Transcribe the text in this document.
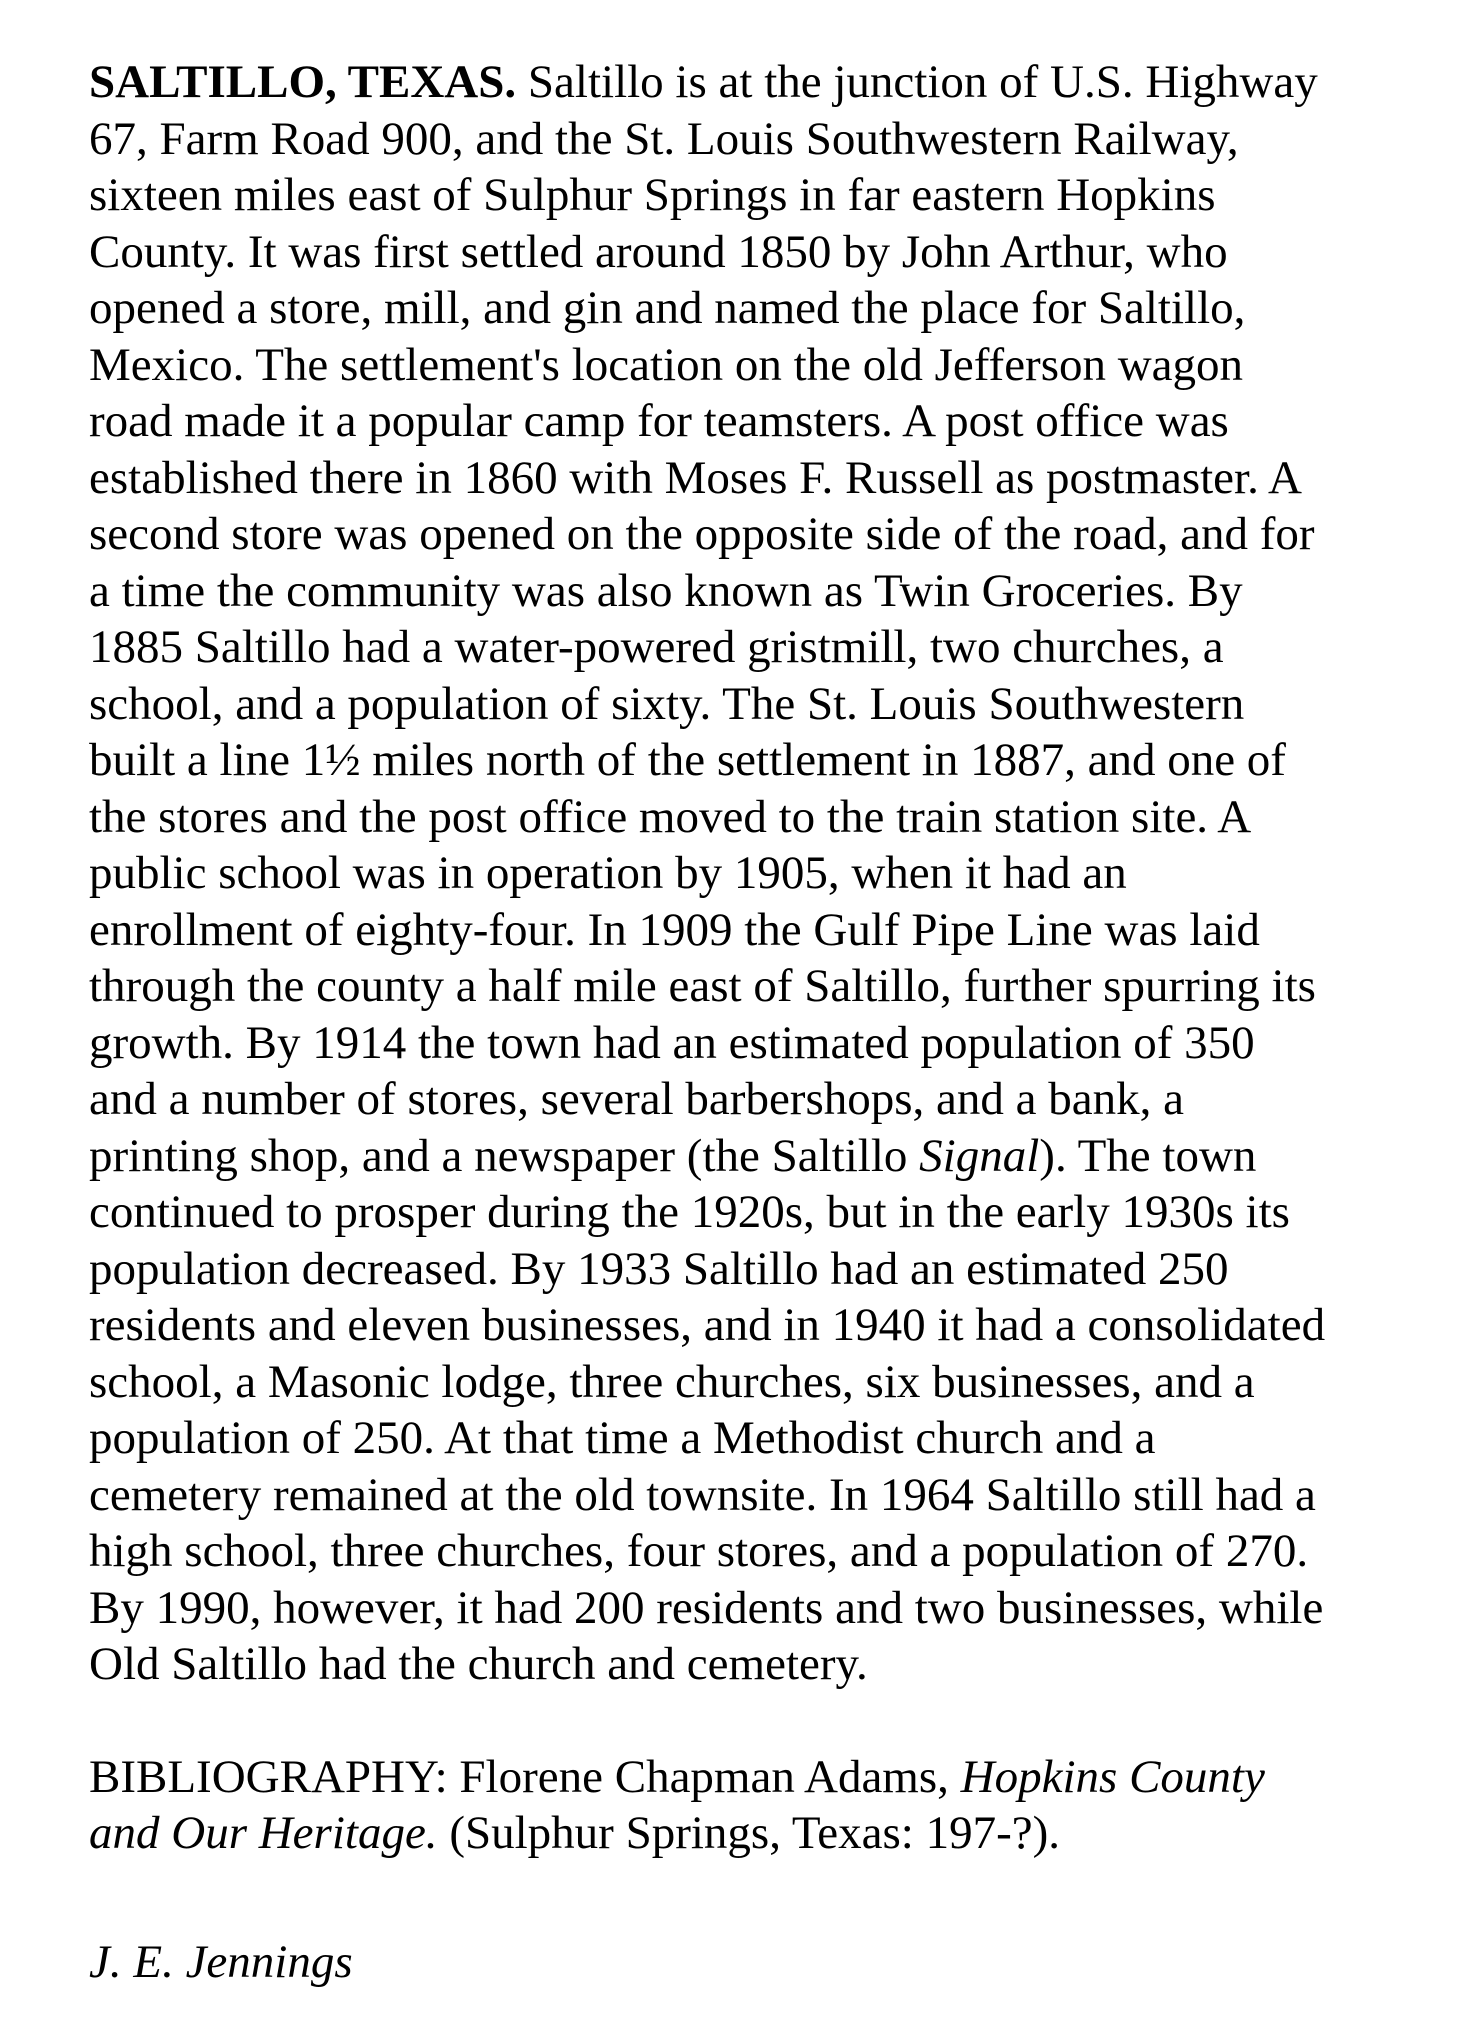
SALTILLO, TEXAS. Saltillo is at the junction of U.S. Highway
67, Farm Road 900, and the St. Louis Southwestern Railway,
sixteen miles east of Sulphur Springs in far eastern Hopkins
County. It was first settled around 1850 by John Arthur, who
opened a store, mill, and gin and named the place for Saltillo,
Mexico. The settlement's location on the old Jefferson wagon
road made it a popular camp for teamsters. A post office was
established there in 1860 with Moses F. Russell as postmaster. A
second store was opened on the opposite side of the road, and for
a time the community was also known as Twin Groceries. By
1885 Saltillo had a water-powered gristmill, two churches, a
school, and a population of sixty. The St. Louis Southwestern
built a line 1½ miles north of the settlement in 1887, and one of
the stores and the post office moved to the train station site. A
public school was in operation by 1905, when it had an
enrollment of eighty-four. In 1909 the Gulf Pipe Line was laid
through the county a half mile east of Saltillo, further spurring its
growth. By 1914 the town had an estimated population of 350
and a number of stores, several barbershops, and a bank, a
printing shop, and a newspaper (the Saltillo Signal). The town
continued to prosper during the 1920s, but in the early 1930s its
population decreased. By 1933 Saltillo had an estimated 250
residents and eleven businesses, and in 1940 it had a consolidated
school, a Masonic lodge, three churches, six businesses, and a
population of 250. At that time a Methodist church and a
cemetery remained at the old townsite. In 1964 Saltillo still had a
high school, three churches, four stores, and a population of 270.
By 1990, however, it had 200 residents and two businesses, while
Old Saltillo had the church and cemetery.
BIBLIOGRAPHY: Florene Chapman Adams, Hopkins County
and Our Heritage. (Sulphur Springs, Texas: 197-?).
J. E. Jennings
